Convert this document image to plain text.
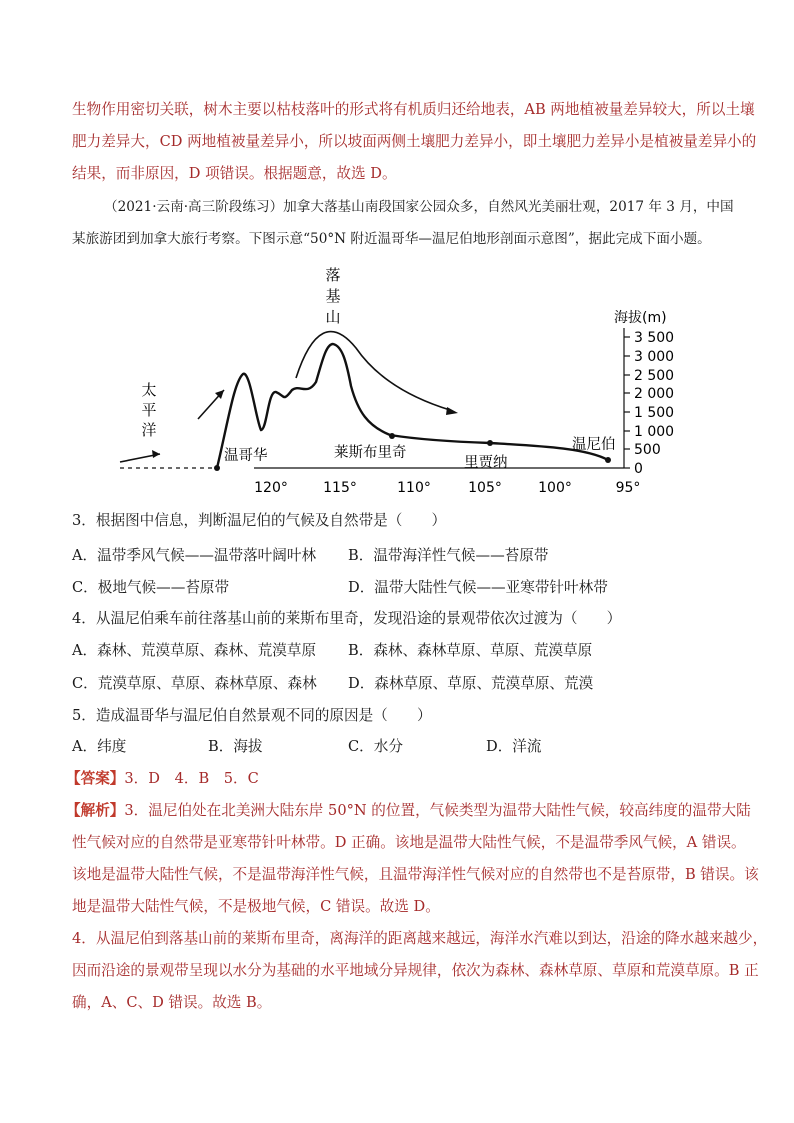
生物作用密切关联，树木主要以枯枝落叶的形式将有机质归还给地表，AB 两地植被量差异较大，所以土壤
肥力差异大，CD 两地植被量差异小，所以坡面两侧土壤肥力差异小，即土壤肥力差异小是植被量差异小的
结果，而非原因，D 项错误。根据题意，故选 D。
（2021·云南·高三阶段练习）加拿大落基山南段国家公园众多，自然风光美丽壮观，2017 年 3 月，中国
某旅游团到加拿大旅行考察。下图示意“50°N 附近温哥华—温尼伯地形剖面示意图”，据此完成下面小题。
落
基
山
太
平
洋
温哥华	莱斯布里奇
里贾纳
温尼伯
海拔(m)
3 500
3 000
2 500
2 000
1 500
1 000
500
0
120°	115°	110°	105°	100°	95°
3．根据图中信息，判断温尼伯的气候及自然带是（　　）
A．温带季风气候——温带落叶阔叶林 B．温带海洋性气候——苔原带
C．极地气候——苔原带	D．温带大陆性气候——亚寒带针叶林带
4．从温尼伯乘车前往落基山前的莱斯布里奇，发现沿途的景观带依次过渡为（　　）
A．森林、荒漠草原、森林、荒漠草原 B．森林、森林草原、草原、荒漠草原
C．荒漠草原、草原、森林草原、森林 D．森林草原、草原、荒漠草原、荒漠
5．造成温哥华与温尼伯自然景观不同的原因是（　　）
A．纬度	B．海拔	C．水分	D．洋流
【答案】3．D　4．B　5．C
【解析】3．温尼伯处在北美洲大陆东岸 50°N 的位置，气候类型为温带大陆性气候，较高纬度的温带大陆
性气候对应的自然带是亚寒带针叶林带。D 正确。该地是温带大陆性气候，不是温带季风气候，A 错误。
该地是温带大陆性气候，不是温带海洋性气候，且温带海洋性气候对应的自然带也不是苔原带，B 错误。该
地是温带大陆性气候，不是极地气候，C 错误。故选 D。
4．从温尼伯到落基山前的莱斯布里奇，离海洋的距离越来越远，海洋水汽难以到达，沿途的降水越来越少，
因而沿途的景观带呈现以水分为基础的水平地域分异规律，依次为森林、森林草原、草原和荒漠草原。B 正
确，A、C、D 错误。故选 B。
